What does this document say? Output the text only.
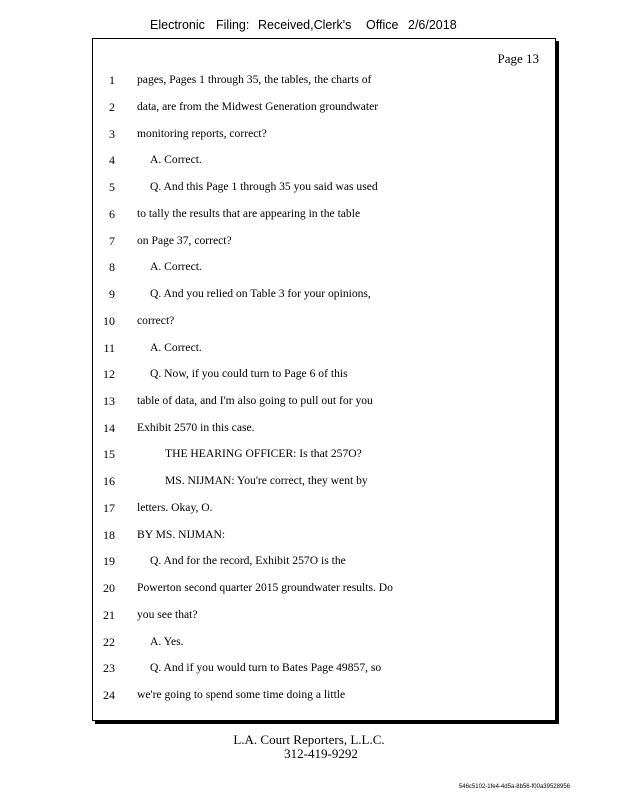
Electronic Filing: Received,Clerk's Office 2/6/2018
Page 13
1 pages, Pages 1 through 35, the tables, the charts of
2 data, are from the Midwest Generation groundwater
3 monitoring reports, correct?
4	A. Correct.
5	Q. And this Page 1 through 35 you said was used
6 to tally the results that are appearing in the table
7 on Page 37, correct?
8	A. Correct.
9	Q. And you relied on Table 3 for your opinions,
10 correct?
11	A. Correct.
12	Q. Now, if you could turn to Page 6 of this
13 table of data, and I'm also going to pull out for you
14 Exhibit 2570 in this case.
15	THE HEARING OFFICER: Is that 257O?
16	MS. NIJMAN: You're correct, they went by
17 letters. Okay, O.
18 BY MS. NIJMAN:
19	Q. And for the record, Exhibit 257O is the
20 Powerton second quarter 2015 groundwater results. Do
21 you see that?
22	A. Yes.
23	Q. And if you would turn to Bates Page 49857, so
24 we're going to spend some time doing a little
L.A. Court Reporters, L.L.C.
312-419-9292
546c5102-1fe4-4d5a-8b56-f00a39528956
